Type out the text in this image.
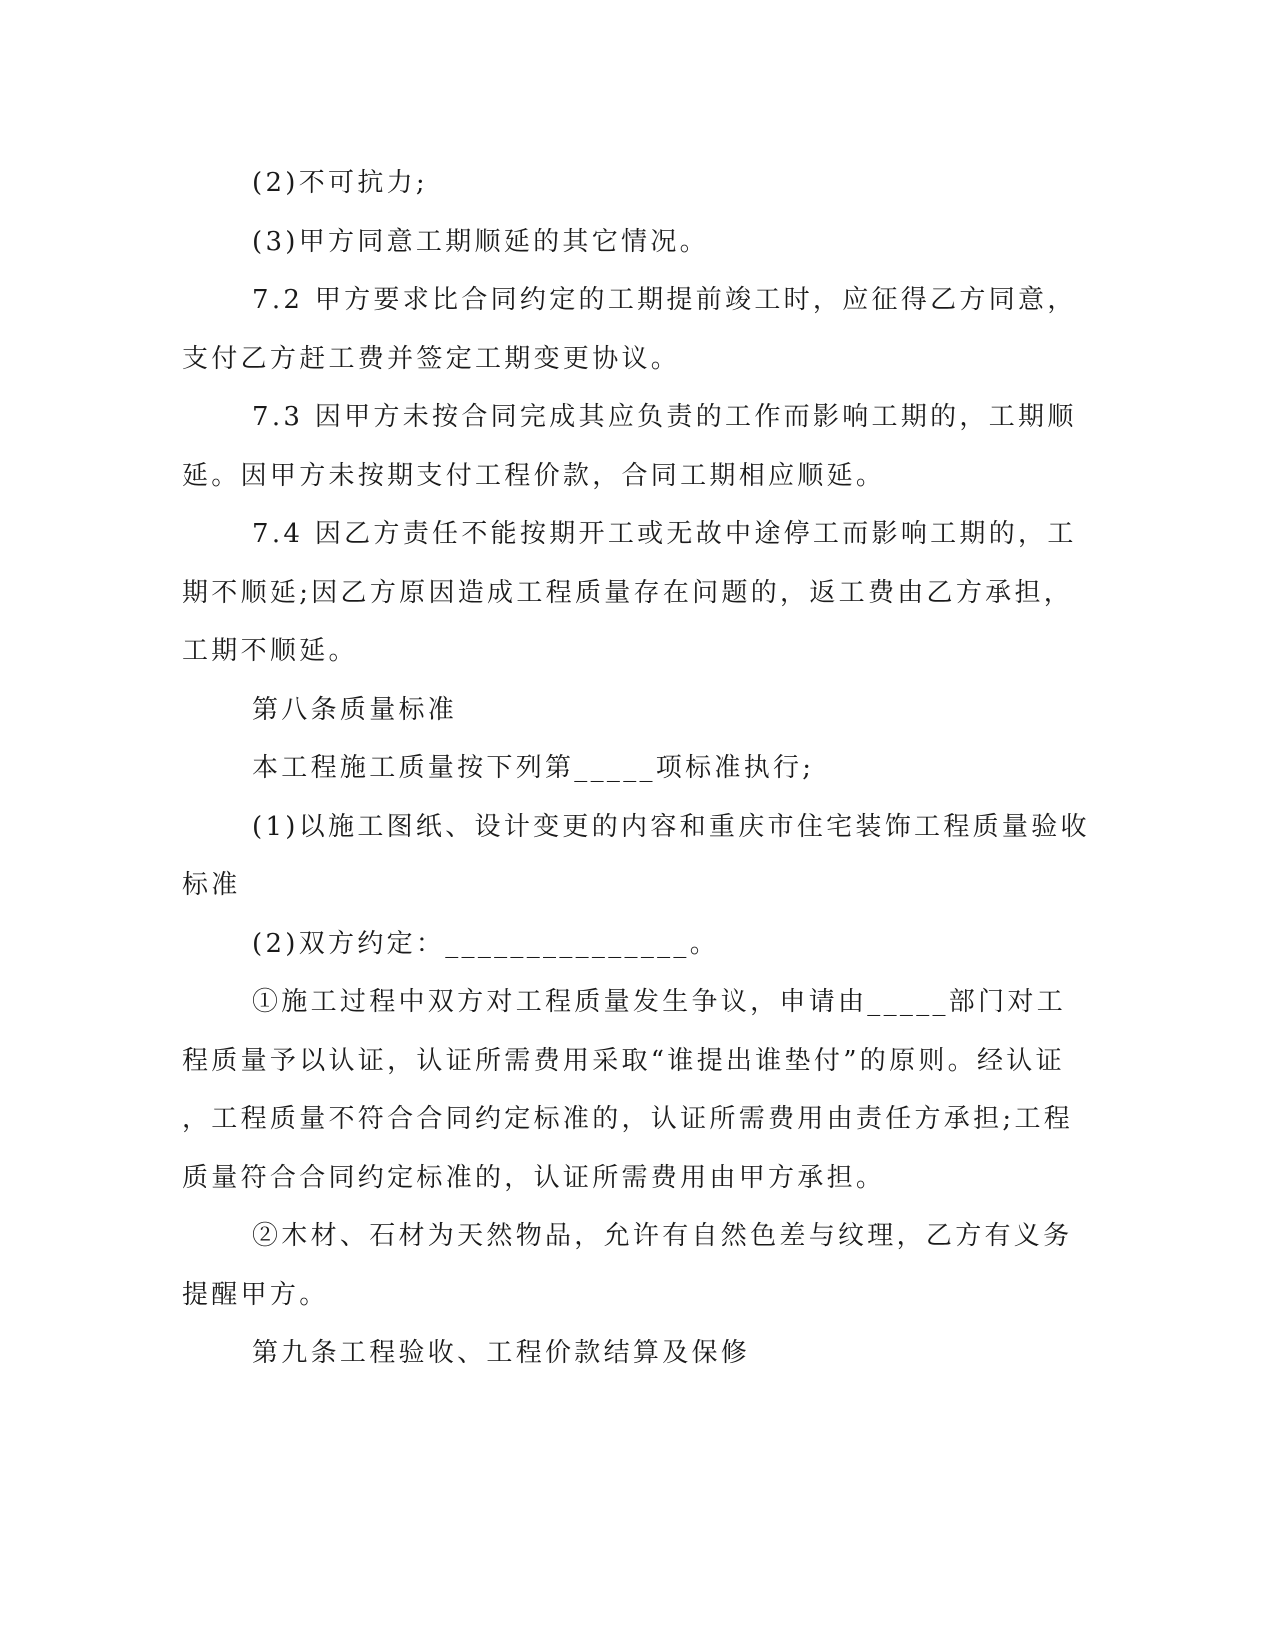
(2)不可抗力;
(3)甲方同意工期顺延的其它情况。
7.2 甲方要求比合同约定的工期提前竣工时，应征得乙方同意，
支付乙方赶工费并签定工期变更协议。
7.3 因甲方未按合同完成其应负责的工作而影响工期的，工期顺
延。因甲方未按期支付工程价款，合同工期相应顺延。
7.4 因乙方责任不能按期开工或无故中途停工而影响工期的，工
期不顺延;因乙方原因造成工程质量存在问题的，返工费由乙方承担，
工期不顺延。
第八条质量标准
本工程施工质量按下列第_____项标准执行;
(1)以施工图纸、设计变更的内容和重庆市住宅装饰工程质量验收
标准
(2)双方约定：_______________。
①施工过程中双方对工程质量发生争议，申请由_____部门对工
程质量予以认证，认证所需费用采取“谁提出谁垫付”的原则。经认证
，工程质量不符合合同约定标准的，认证所需费用由责任方承担;工程
质量符合合同约定标准的，认证所需费用由甲方承担。
②木材、石材为天然物品，允许有自然色差与纹理，乙方有义务
提醒甲方。
第九条工程验收、工程价款结算及保修
